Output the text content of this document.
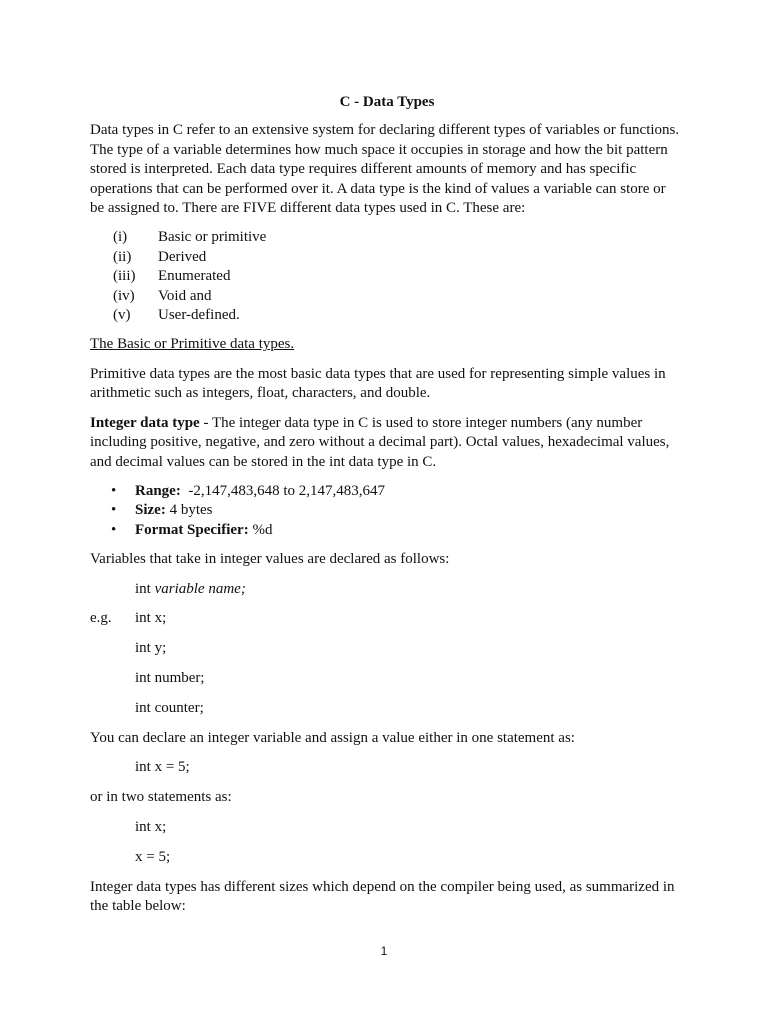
C - Data Types

Data types in C refer to an extensive system for declaring different types of variables or functions. The type of a variable determines how much space it occupies in storage and how the bit pattern stored is interpreted. Each data type requires different amounts of memory and has specific operations that can be performed over it. A data type is the kind of values a variable can store or be assigned to. There are FIVE different data types used in C. These are:

(i)	Basic or primitive
(ii)	Derived
(iii)	Enumerated
(iv)	Void and
(v)	User-defined.
The Basic or Primitive data types.

Primitive data types are the most basic data types that are used for representing simple values in arithmetic such as integers, float, characters, and double.

Integer data type - The integer data type in C is used to store integer numbers (any number including positive, negative, and zero without a decimal part). Octal values, hexadecimal values, and decimal values can be stored in the int data type in C.

• Range:  -2,147,483,648 to 2,147,483,647
• Size: 4 bytes
• Format Specifier: %d

Variables that take in integer values are declared as follows:

int variable name;
e.g.	int x;
int y;
int number;
int counter;

You can declare an integer variable and assign a value either in one statement as:

int x = 5;

or in two statements as:

int x;
x = 5;

Integer data types has different sizes which depend on the compiler being used, as summarized in the table below:

1
